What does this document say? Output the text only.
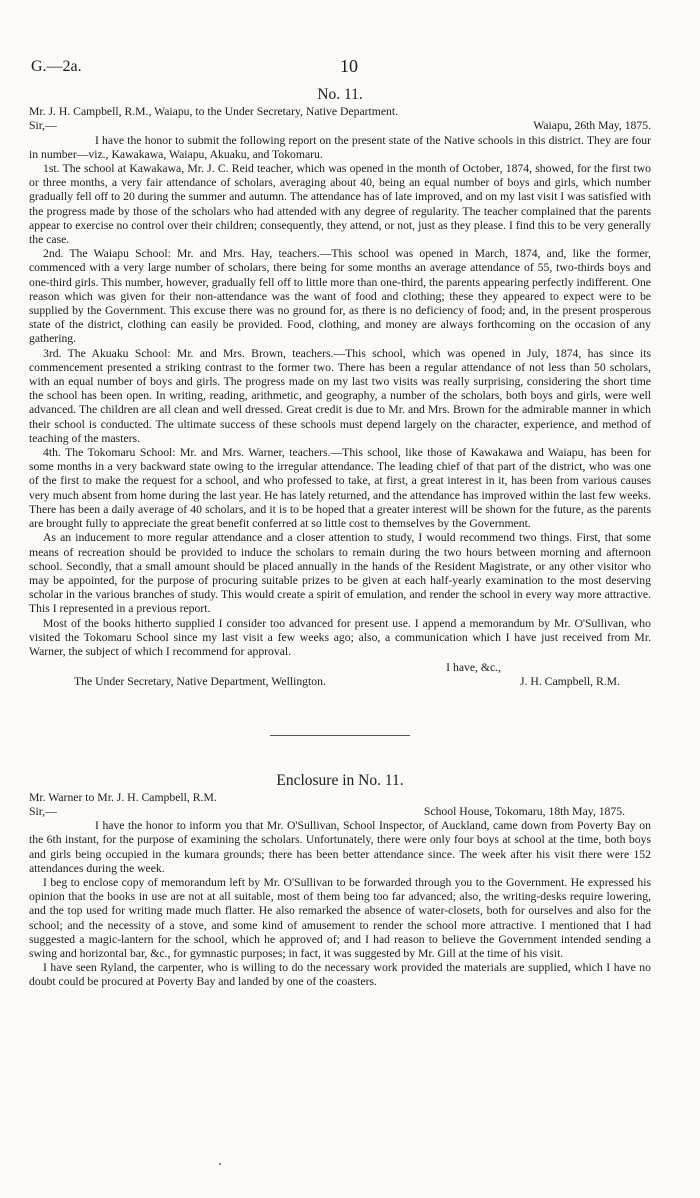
G.—2a.	10
No. 11.

Mr. J. H. Campbell, R.M., Waiapu, to the Under Secretary, Native Department.

Sir,—	Waiapu, 26th May, 1875.

I have the honor to submit the following report on the present state of the Native schools in this district. They are four in number—viz., Kawakawa, Waiapu, Akuaku, and Tokomaru.

1st. The school at Kawakawa, Mr. J. C. Reid teacher, which was opened in the month of October, 1874, showed, for the first two or three months, a very fair attendance of scholars, averaging about 40, being an equal number of boys and girls, which number gradually fell off to 20 during the summer and autumn. The attendance has of late improved, and on my last visit I was satisfied with the progress made by those of the scholars who had attended with any degree of regularity. The teacher complained that the parents appear to exercise no control over their children; consequently, they attend, or not, just as they please. I find this to be very generally the case.

2nd. The Waiapu School: Mr. and Mrs. Hay, teachers.—This school was opened in March, 1874, and, like the former, commenced with a very large number of scholars, there being for some months an average attendance of 55, two-thirds boys and one-third girls. This number, however, gradually fell off to little more than one-third, the parents appearing perfectly indifferent. One reason which was given for their non-attendance was the want of food and clothing; these they appeared to expect were to be supplied by the Government. This excuse there was no ground for, as there is no deficiency of food; and, in the present prosperous state of the district, clothing can easily be provided. Food, clothing, and money are always forthcoming on the occasion of any gathering.

3rd. The Akuaku School: Mr. and Mrs. Brown, teachers.—This school, which was opened in July, 1874, has since its commencement presented a striking contrast to the former two. There has been a regular attendance of not less than 50 scholars, with an equal number of boys and girls. The progress made on my last two visits was really surprising, considering the short time the school has been open. In writing, reading, arithmetic, and geography, a number of the scholars, both boys and girls, were well advanced. The children are all clean and well dressed. Great credit is due to Mr. and Mrs. Brown for the admirable manner in which their school is conducted. The ultimate success of these schools must depend largely on the character, experience, and method of teaching of the masters.

4th. The Tokomaru School: Mr. and Mrs. Warner, teachers.—This school, like those of Kawakawa and Waiapu, has been for some months in a very backward state owing to the irregular attendance. The leading chief of that part of the district, who was one of the first to make the request for a school, and who professed to take, at first, a great interest in it, has been from various causes very much absent from home during the last year. He has lately returned, and the attendance has improved within the last few weeks. There has been a daily average of 40 scholars, and it is to be hoped that a greater interest will be shown for the future, as the parents are brought fully to appreciate the great benefit conferred at so little cost to themselves by the Government.

As an inducement to more regular attendance and a closer attention to study, I would recommend two things. First, that some means of recreation should be provided to induce the scholars to remain during the two hours between morning and afternoon school. Secondly, that a small amount should be placed annually in the hands of the Resident Magistrate, or any other visitor who may be appointed, for the purpose of procuring suitable prizes to be given at each half-yearly examination to the most deserving scholar in the various branches of study. This would create a spirit of emulation, and render the school in every way more attractive. This I represented in a previous report.

Most of the books hitherto supplied I consider too advanced for present use. I append a memorandum by Mr. O'Sullivan, who visited the Tokomaru School since my last visit a few weeks ago; also, a communication which I have just received from Mr. Warner, the subject of which I recommend for approval.

I have, &c.,
The Under Secretary, Native Department, Wellington.	J. H. Campbell, R.M.
Enclosure in No. 11.

Mr. Warner to Mr. J. H. Campbell, R.M.

Sir,—	School House, Tokomaru, 18th May, 1875.

I have the honor to inform you that Mr. O'Sullivan, School Inspector, of Auckland, came down from Poverty Bay on the 6th instant, for the purpose of examining the scholars. Unfortunately, there were only four boys at school at the time, both boys and girls being occupied in the kumara grounds; there has been better attendance since. The week after his visit there were 152 attendances during the week.

I beg to enclose copy of memorandum left by Mr. O'Sullivan to be forwarded through you to the Government. He expressed his opinion that the books in use are not at all suitable, most of them being too far advanced; also, the writing-desks require lowering, and the top used for writing made much flatter. He also remarked the absence of water-closets, both for ourselves and also for the school; and the necessity of a stove, and some kind of amusement to render the school more attractive. I mentioned that I had suggested a magic-lantern for the school, which he approved of; and I had reason to believe the Government intended sending a swing and horizontal bar, &c., for gymnastic purposes; in fact, it was suggested by Mr. Gill at the time of his visit.

I have seen Ryland, the carpenter, who is willing to do the necessary work provided the materials are supplied, which I have no doubt could be procured at Poverty Bay and landed by one of the coasters.
